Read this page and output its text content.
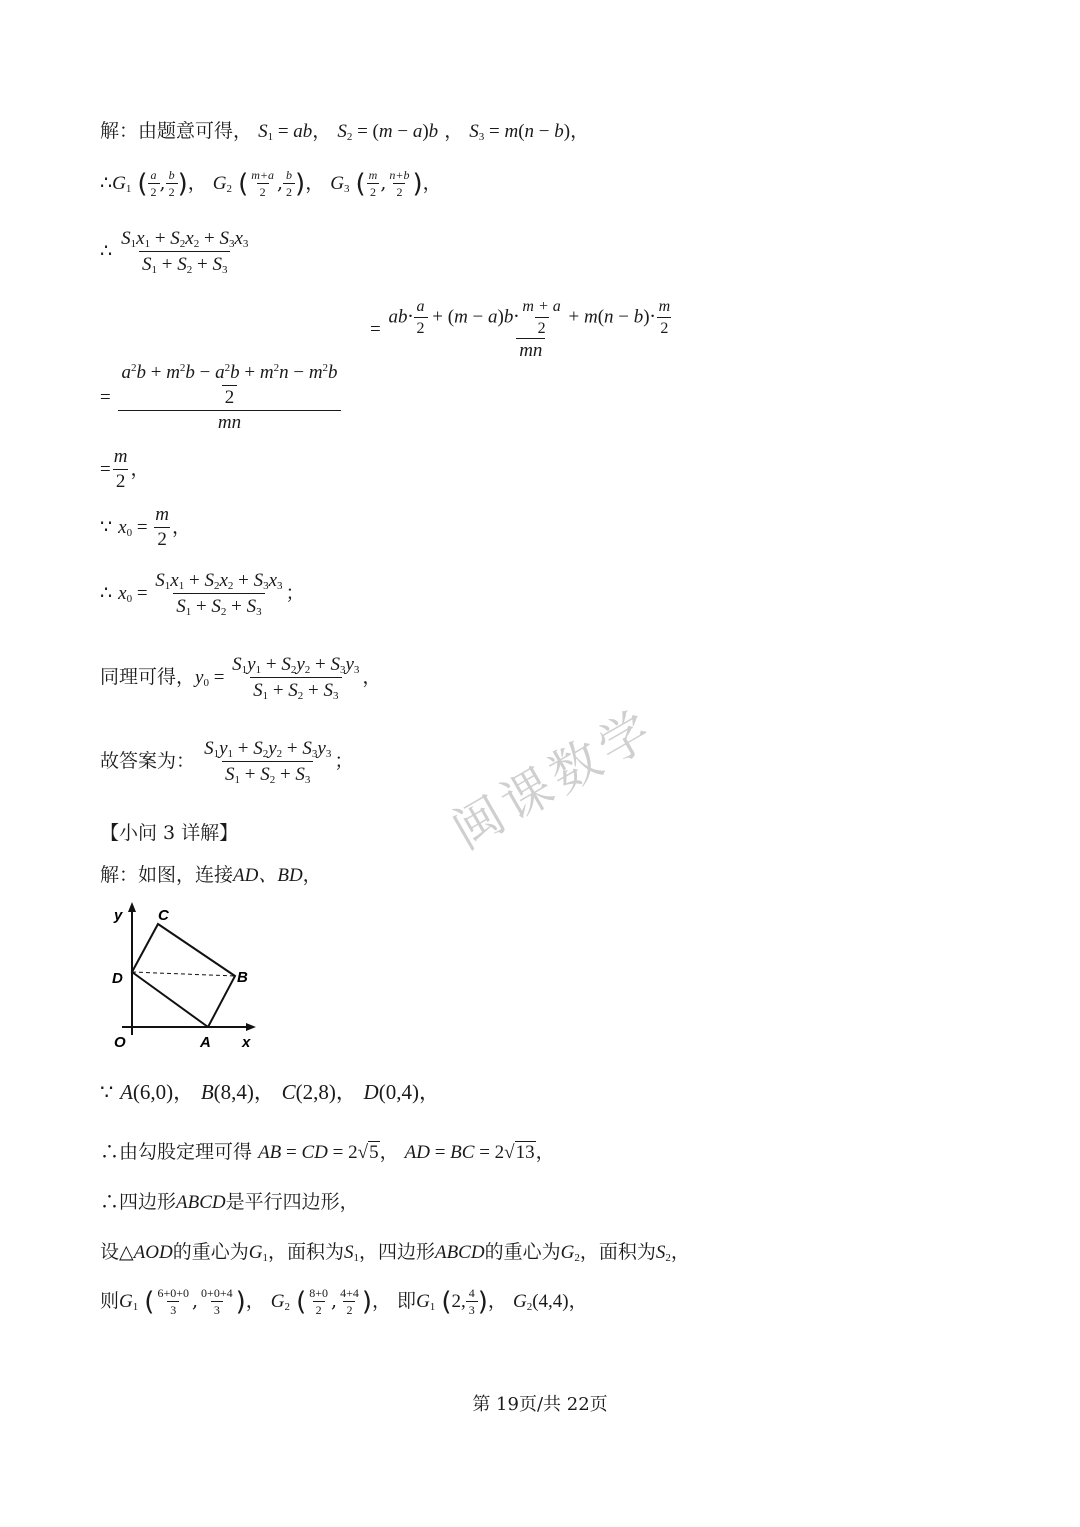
解：由题意可得， $S_1$ = ab， $S_2 = (m - a)b$ ， $S_3 = m(n - b)$，
$\therefore G_1$ ( $\frac{a}{2}$ , $\frac{b}{2}$ )， $G_2$ ( $\frac{m+a}{2}$ , $\frac{b}{2}$ )， $G_3$ ( $\frac{m}{2}$ , $\frac{n+b}{2}$ )，
∴ $\frac{S_1x_1 + S_2x_2 + S_3x_3}{S_1 + S_2 + S_3}$
= $\frac{ab\cdot \frac{a}{2} + (m - a)b\cdot \frac{m + a}{2} + m(n - b)\cdot \frac{m}{2}}{mn}$
= $\frac{\frac{a^2b + m^2b - a^2b + m^2n - m^2b}{2}}{mn}$
= $\frac{m}{2}$ ，
∵ $x_0 = \frac{m}{2}$ ，
∴ $x_0 = \frac{S_1x_1 + S_2x_2 + S_3x_3}{S_1 + S_2 + S_3}$ ；
同理可得，$y_0 = \frac{S_1y_1 + S_2y_2 + S_3y_3}{S_1 + S_2 + S_3}$ ，
故答案为： $\frac{S_1y_1 + S_2y_2 + S_3y_3}{S_1 + S_2 + S_3}$ ；
【小问 3 详解】
解：如图，连接AD、BD，
y C
B
D
A
O	x
∵ A(6,0)， B(8,4)， C(2,8)， D(0,4)，
∴由勾股定理可得 AB = CD = 2√5， AD = BC = 2√13，
∴四边形ABCD是平行四边形，
设△AOD的重心为$G_1$，面积为$S_1$，四边形ABCD的重心为$G_2$，面积为$S_2$，
则$G_1$ ( $\frac{6+0+0}{3}$ , $\frac{0+0+4}{3}$ )， $G_2$ ( $\frac{8+0}{2}$ , $\frac{4+4}{2}$ )， 即$G_1$ (2, $\frac{4}{3}$ )， $G_2(4,4)$，
闽课数学
第 19页/共 22页
